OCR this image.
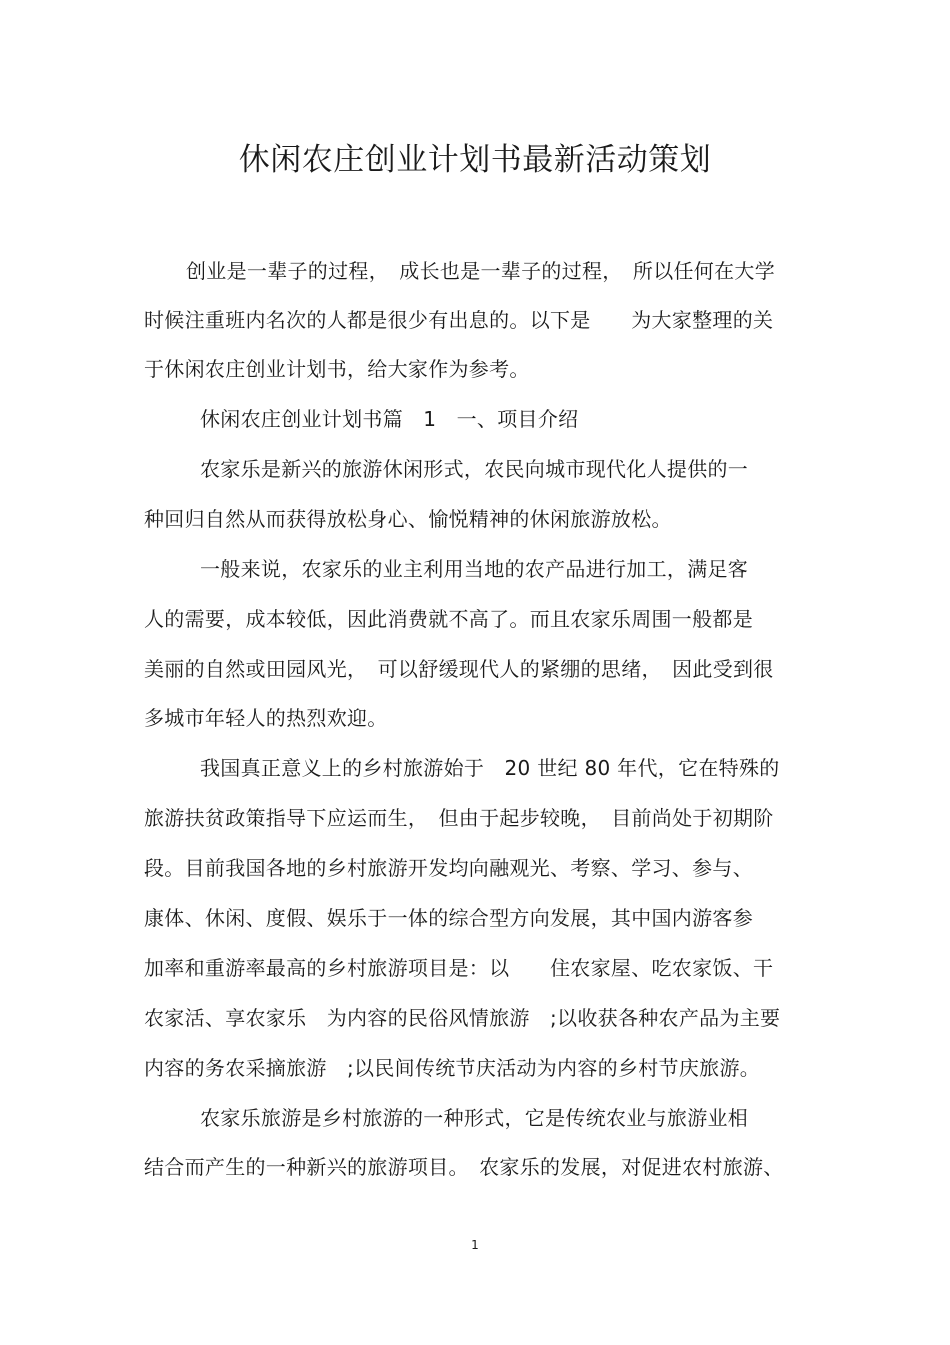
休闲农庄创业计划书最新活动策划
创业是一辈子的过程，　成长也是一辈子的过程，　所以任何在大学
时候注重班内名次的人都是很少有出息的。以下是　　为大家整理的关
于休闲农庄创业计划书，给大家作为参考。
休闲农庄创业计划书篇　1　一、项目介绍
农家乐是新兴的旅游休闲形式，农民向城市现代化人提供的一
种回归自然从而获得放松身心、愉悦精神的休闲旅游放松。
一般来说，农家乐的业主利用当地的农产品进行加工，满足客
人的需要，成本较低，因此消费就不高了。而且农家乐周围一般都是
美丽的自然或田园风光，　可以舒缓现代人的紧绷的思绪，　因此受到很
多城市年轻人的热烈欢迎。
我国真正意义上的乡村旅游始于　20 世纪 80 年代，它在特殊的
旅游扶贫政策指导下应运而生，　但由于起步较晚，　目前尚处于初期阶
段。目前我国各地的乡村旅游开发均向融观光、考察、学习、参与、
康体、休闲、度假、娱乐于一体的综合型方向发展，其中国内游客参
加率和重游率最高的乡村旅游项目是：以　　住农家屋、吃农家饭、干
农家活、享农家乐　为内容的民俗风情旅游　;以收获各种农产品为主要
内容的务农采摘旅游　;以民间传统节庆活动为内容的乡村节庆旅游。
农家乐旅游是乡村旅游的一种形式，它是传统农业与旅游业相
结合而产生的一种新兴的旅游项目。　农家乐的发展，对促进农村旅游、
1
